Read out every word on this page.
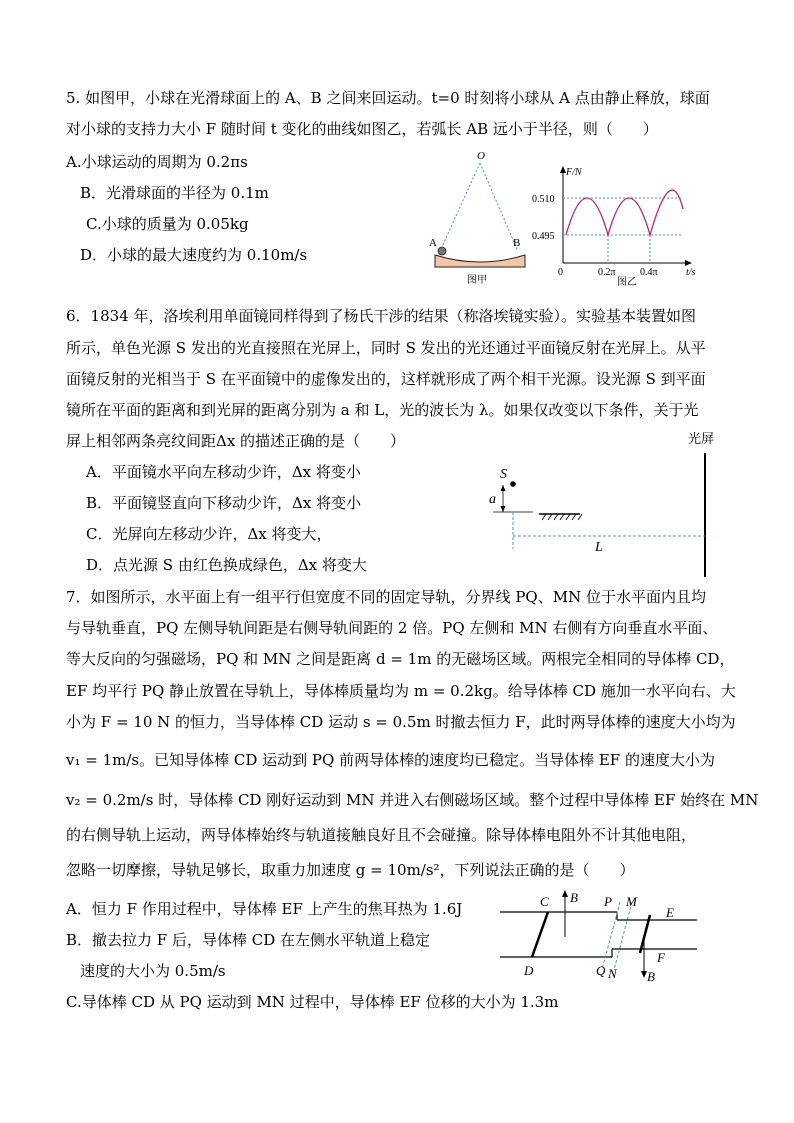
5. 如图甲，小球在光滑球面上的 A、B 之间来回运动。t=0 时刻将小球从 A 点由静止释放，球面
对小球的支持力大小 F 随时间 t 变化的曲线如图乙，若弧长 AB 远小于半径，则（　　）
A.小球运动的周期为 0.2πs
B．光滑球面的半径为 0.1m
C.小球的质量为 0.05kg
D．小球的最大速度约为 0.10m/s
O
A	B
图甲
F/N
t/s
0.510
0.495
0	0.2π 0.4π
图乙
6．1834 年，洛埃利用单面镜同样得到了杨氏干涉的结果（称洛埃镜实验）。实验基本装置如图
所示，单色光源 S 发出的光直接照在光屏上，同时 S 发出的光还通过平面镜反射在光屏上。从平
面镜反射的光相当于 S 在平面镜中的虚像发出的，这样就形成了两个相干光源。设光源 S 到平面
镜所在平面的距离和到光屏的距离分别为 a 和 L，光的波长为 λ。如果仅改变以下条件，关于光
屏上相邻两条亮纹间距Δx 的描述正确的是（　　）
A．平面镜水平向左移动少许，Δx 将变小
B．平面镜竖直向下移动少许，Δx 将变小
C．光屏向左移动少许，Δx 将变大，
D．点光源 S 由红色换成绿色，Δx 将变大
光屏
S
a
L
7．如图所示，水平面上有一组平行但宽度不同的固定导轨，分界线 PQ、MN 位于水平面内且均
与导轨垂直，PQ 左侧导轨间距是右侧导轨间距的 2 倍。PQ 左侧和 MN 右侧有方向垂直水平面、
等大反向的匀强磁场，PQ 和 MN 之间是距离 d = 1m 的无磁场区域。两根完全相同的导体棒 CD，
EF 均平行 PQ 静止放置在导轨上，导体棒质量均为 m = 0.2kg。给导体棒 CD 施加一水平向右、大
小为 F = 10 N 的恒力，当导体棒 CD 运动 s = 0.5m 时撤去恒力 F，此时两导体棒的速度大小均为
v₁ = 1m/s。已知导体棒 CD 运动到 PQ 前两导体棒的速度均已稳定。当导体棒 EF 的速度大小为
v₂ = 0.2m/s 时，导体棒 CD 刚好运动到 MN 并进入右侧磁场区域。整个过程中导体棒 EF 始终在 MN
的右侧导轨上运动，两导体棒始终与轨道接触良好且不会碰撞。除导体棒电阻外不计其他电阻，
忽略一切摩擦，导轨足够长，取重力加速度 g = 10m/s²，下列说法正确的是（　　）
A．恒力 F 作用过程中，导体棒 EF 上产生的焦耳热为 1.6J
B．撤去拉力 F 后，导体棒 CD 在左侧水平轨道上稳定
速度的大小为 0.5m/s
C.导体棒 CD 从 PQ 运动到 MN 过程中，导体棒 EF 位移的大小为 1.3m
C B P M
E
F
D	Q N B
